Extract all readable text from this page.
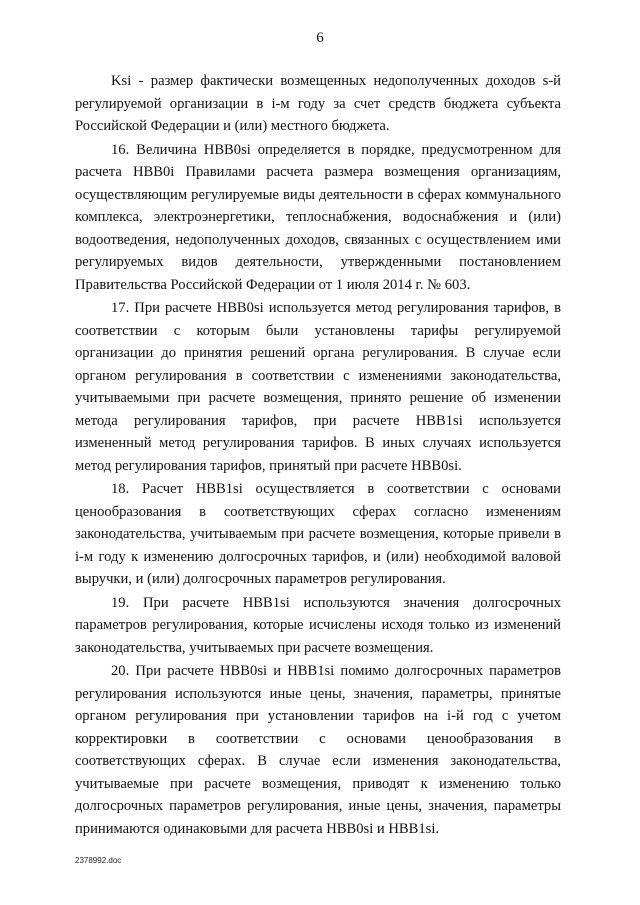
6

Ksi - размер фактически возмещенных недополученных доходов s-й регулируемой организации в i-м году за счет средств бюджета субъекта Российской Федерации и (или) местного бюджета.

16. Величина НВВ0si определяется в порядке, предусмотренном для расчета НВВ0i Правилами расчета размера возмещения организациям, осуществляющим регулируемые виды деятельности в сферах коммунального комплекса, электроэнергетики, теплоснабжения, водоснабжения и (или) водоотведения, недополученных доходов, связанных с осуществлением ими регулируемых видов деятельности, утвержденными постановлением Правительства Российской Федерации от 1 июля 2014 г. № 603.

17. При расчете НВВ0si используется метод регулирования тарифов, в соответствии с которым были установлены тарифы регулируемой организации до принятия решений органа регулирования. В случае если органом регулирования в соответствии с изменениями законодательства, учитываемыми при расчете возмещения, принято решение об изменении метода регулирования тарифов, при расчете НВВ1si используется измененный метод регулирования тарифов. В иных случаях используется метод регулирования тарифов, принятый при расчете НВВ0si.

18. Расчет НВВ1si осуществляется в соответствии с основами ценообразования в соответствующих сферах согласно изменениям законодательства, учитываемым при расчете возмещения, которые привели в i-м году к изменению долгосрочных тарифов, и (или) необходимой валовой выручки, и (или) долгосрочных параметров регулирования.

19. При расчете НВВ1si используются значения долгосрочных параметров регулирования, которые исчислены исходя только из изменений законодательства, учитываемых при расчете возмещения.

20. При расчете НВВ0si и НВВ1si помимо долгосрочных параметров регулирования используются иные цены, значения, параметры, принятые органом регулирования при установлении тарифов на i-й год с учетом корректировки в соответствии с основами ценообразования в соответствующих сферах. В случае если изменения законодательства, учитываемые при расчете возмещения, приводят к изменению только долгосрочных параметров регулирования, иные цены, значения, параметры принимаются одинаковыми для расчета НВВ0si и НВВ1si.

2378992.doc
